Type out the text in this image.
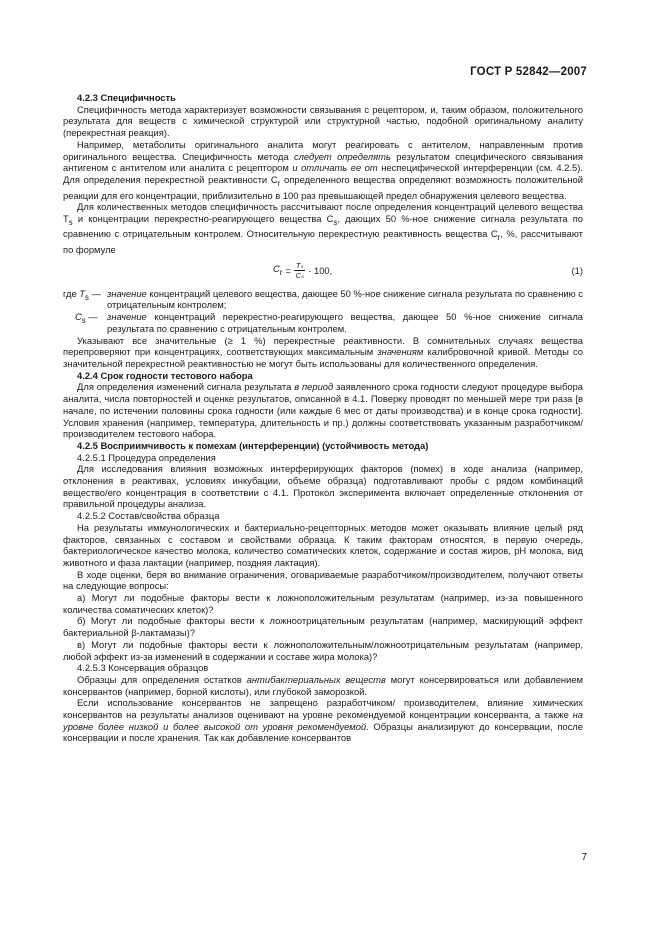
ГОСТ Р 52842—2007
4.2.3 Специфичность

Специфичность метода характеризует возможности связывания с рецептором, и, таким образом, положительного результата для веществ с химической структурой или структурной частью, подобной оригинальному аналиту (перекрестная реакция).

Например, метаболиты оригинального аналита могут реагировать с антителом, направленным против оригинального вещества. Специфичность метода следует определять результатом специфического связывания антигеном с антителом или аналита с рецептором и отличать ее от неспецифической интерференции (см. 4.2.5). Для определения перекрестной реактивности $C_r$ определенного вещества определяют возможность положительной реакции для его концентрации, приблизительно в 100 раз превышающей предел обнаружения целевого вещества.

Для количественных методов специфичность рассчитывают после определения концентраций целевого вещества $T_s$ и концентрации перекрестно-реагирующего вещества $C_s$, дающих 50 %-ное снижение сигнала результата по сравнению с отрицательным контролем. Относительную перекрестную реактивность вещества $C_r$, %, рассчитывают по формуле

$C_r = \frac{\text{Tₛ}}{\text{Cₛ}} \cdot 100$,	(1)
где $T_s$ — значение концентраций целевого вещества, дающее 50 %-ное снижение сигнала результата по сравнению с отрицательным контролем;
$C_s$ — значение концентраций перекрестно-реагирующего вещества, дающее 50 %-ное снижение сигнала результата по сравнению с отрицательным контролем.

Указывают все значительные (≥ 1 %) перекрестные реактивности. В сомнительных случаях вещества перепроверяют при концентрациях, соответствующих максимальным значениям калибровочной кривой. Методы со значительной перекрестной реактивностью не могут быть использованы для количественного определения.

4.2.4 Срок годности тестового набора

Для определения изменений сигнала результата в период заявленного срока годности следуют процедуре выбора аналита, числа повторностей и оценке результатов, описанной в 4.1. Поверку проводят по меньшей мере три раза [в начале, по истечении половины срока годности (или каждые 6 мес от даты производства) и в конце срока годности]. Условия хранения (например, температура, длительность и пр.) должны соответствовать указанным разработчиком/производителем тестового набора.

4.2.5 Восприимчивость к помехам (интерференции) (устойчивость метода)
4.2.5.1 Процедура определения

Для исследования влияния возможных интерферирующих факторов (помех) в ходе анализа (например, отклонения в реактивах, условиях инкубации, объеме образца) подготавливают пробы с рядом комбинаций вещество/его концентрация в соответствии с 4.1. Протокол эксперимента включает определенные отклонения от правильной процедуры анализа.

4.2.5.2 Состав/свойства образца

На результаты иммунологических и бактериально-рецепторных методов может оказывать влияние целый ряд факторов, связанных с составом и свойствами образца. К таким факторам относятся, в первую очередь, бактериологическое качество молока, количество соматических клеток, содержание и состав жиров, pH молока, вид животного и фаза лактации (например, поздняя лактация).

В ходе оценки, беря во внимание ограничения, оговариваемые разработчиком/производителем, получают ответы на следующие вопросы:

а) Могут ли подобные факторы вести к ложноположительным результатам (например, из-за повышенного количества соматических клеток)?

б) Могут ли подобные факторы вести к ложноотрицательным результатам (например, маскирующий эффект бактериальной β-лактамазы)?

в) Могут ли подобные факторы вести к ложноположительным/ложноотрицательным результатам (например, любой эффект из-за изменений в содержании и составе жира молока)?

4.2.5.3 Консервация образцов

Образцы для определения остатков антибактериальных веществ могут консервироваться или добавлением консервантов (например, борной кислоты), или глубокой заморозкой.

Если использование консервантов не запрещено разработчиком/ производителем, влияние химических консервантов на результаты анализов оценивают на уровне рекомендуемой концентрации консерванта, а также на уровне более низкой и более высокой от уровня рекомендуемой. Образцы анализируют до консервации, после консервации и после хранения. Так как добавление консервантов

7
